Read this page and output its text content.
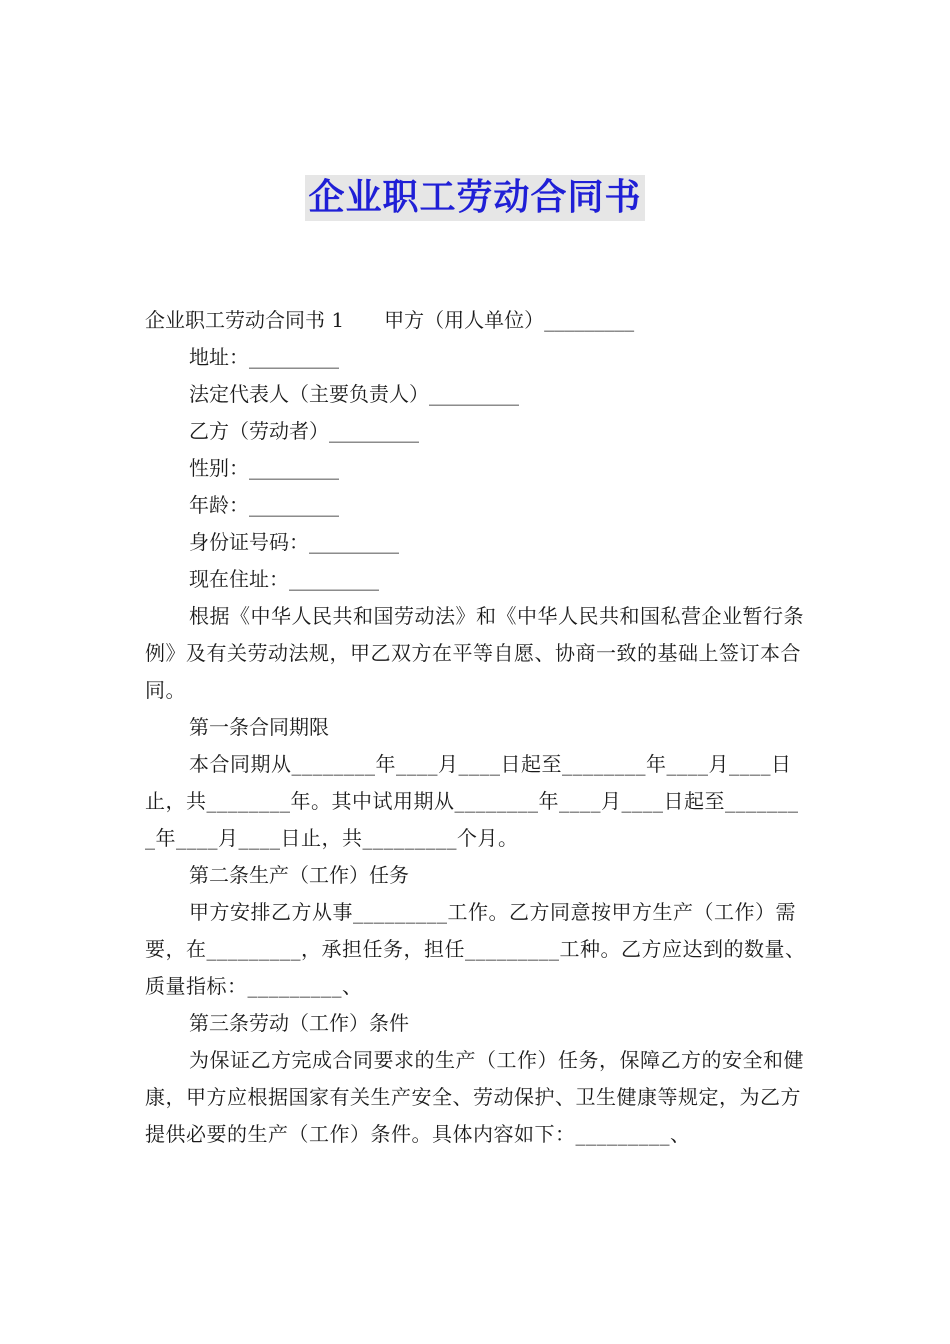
企业职工劳动合同书
企业职工劳动合同书 1 甲方（用人单位）_________
地址：_________
法定代表人（主要负责人）_________
乙方（劳动者）_________
性别：_________
年龄：_________
身份证号码：_________
现在住址：_________
根据《中华人民共和国劳动法》和《中华人民共和国私营企业暂行条例》及有关劳动法规，甲乙双方在平等自愿、协商一致的基础上签订本合同。
第一条合同期限
本合同期从________年____月____日起至________年____月____日止，共________年。其中试用期从________年____月____日起至________年____月____日止，共_________个月。
第二条生产（工作）任务
甲方安排乙方从事_________工作。乙方同意按甲方生产（工作）需要，在_________，承担任务，担任_________工种。乙方应达到的数量、质量指标：_________、
第三条劳动（工作）条件
为保证乙方完成合同要求的生产（工作）任务，保障乙方的安全和健康，甲方应根据国家有关生产安全、劳动保护、卫生健康等规定，为乙方提供必要的生产（工作）条件。具体内容如下：_________、
